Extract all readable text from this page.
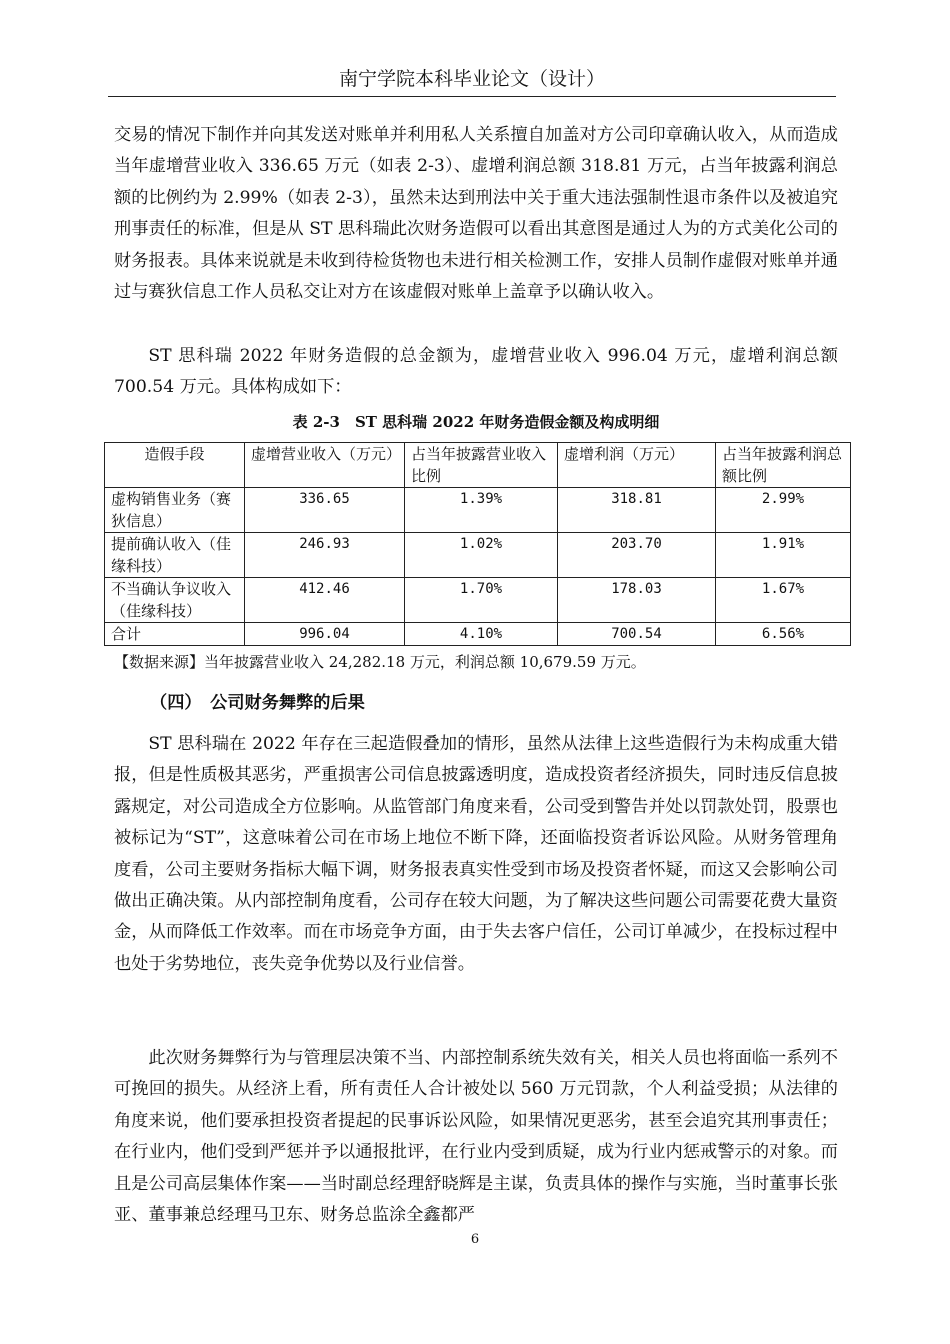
南宁学院本科毕业论文（设计）

交易的情况下制作并向其发送对账单并利用私人关系擅自加盖对方公司印章确认收入，从而造成当年虚增营业收入 336.65 万元（如表 2-3）、虚增利润总额 318.81 万元，占当年披露利润总额的比例约为 2.99%（如表 2-3），虽然未达到刑法中关于重大违法强制性退市条件以及被追究刑事责任的标准，但是从 ST 思科瑞此次财务造假可以看出其意图是通过人为的方式美化公司的财务报表。具体来说就是未收到待检货物也未进行相关检测工作，安排人员制作虚假对账单并通过与赛狄信息工作人员私交让对方在该虚假对账单上盖章予以确认收入。

ST 思科瑞 2022 年财务造假的总金额为，虚增营业收入 996.04 万元，虚增利润总额 700.54 万元。具体构成如下：

表 2-3　ST 思科瑞 2022 年财务造假金额及构成明细
造假手段	虚增营业收入（万元）	占当年披露营业收入比例	虚增利润（万元）	占当年披露利润总额比例
虚构销售业务（赛狄信息）	336.65	1.39%	318.81	2.99%
提前确认收入（佳缘科技）	246.93	1.02%	203.70	1.91%
不当确认争议收入（佳缘科技）	412.46	1.70%	178.03	1.67%
合计	996.04	4.10%	700.54	6.56%
【数据来源】当年披露营业收入 24,282.18 万元，利润总额 10,679.59 万元。
（四）　公司财务舞弊的后果

ST 思科瑞在 2022 年存在三起造假叠加的情形，虽然从法律上这些造假行为未构成重大错报，但是性质极其恶劣，严重损害公司信息披露透明度，造成投资者经济损失，同时违反信息披露规定，对公司造成全方位影响。从监管部门角度来看，公司受到警告并处以罚款处罚，股票也被标记为“ST”，这意味着公司在市场上地位不断下降，还面临投资者诉讼风险。从财务管理角度看，公司主要财务指标大幅下调，财务报表真实性受到市场及投资者怀疑，而这又会影响公司做出正确决策。从内部控制角度看，公司存在较大问题，为了解决这些问题公司需要花费大量资金，从而降低工作效率。而在市场竞争方面，由于失去客户信任，公司订单减少，在投标过程中也处于劣势地位，丧失竞争优势以及行业信誉。

此次财务舞弊行为与管理层决策不当、内部控制系统失效有关，相关人员也将面临一系列不可挽回的损失。从经济上看，所有责任人合计被处以 560 万元罚款，个人利益受损；从法律的角度来说，他们要承担投资者提起的民事诉讼风险，如果情况更恶劣，甚至会追究其刑事责任；在行业内，他们受到严惩并予以通报批评，在行业内受到质疑，成为行业内惩戒警示的对象。而且是公司高层集体作案——当时副总经理舒晓辉是主谋，负责具体的操作与实施，当时董事长张亚、董事兼总经理马卫东、财务总监涂全鑫都严

6
